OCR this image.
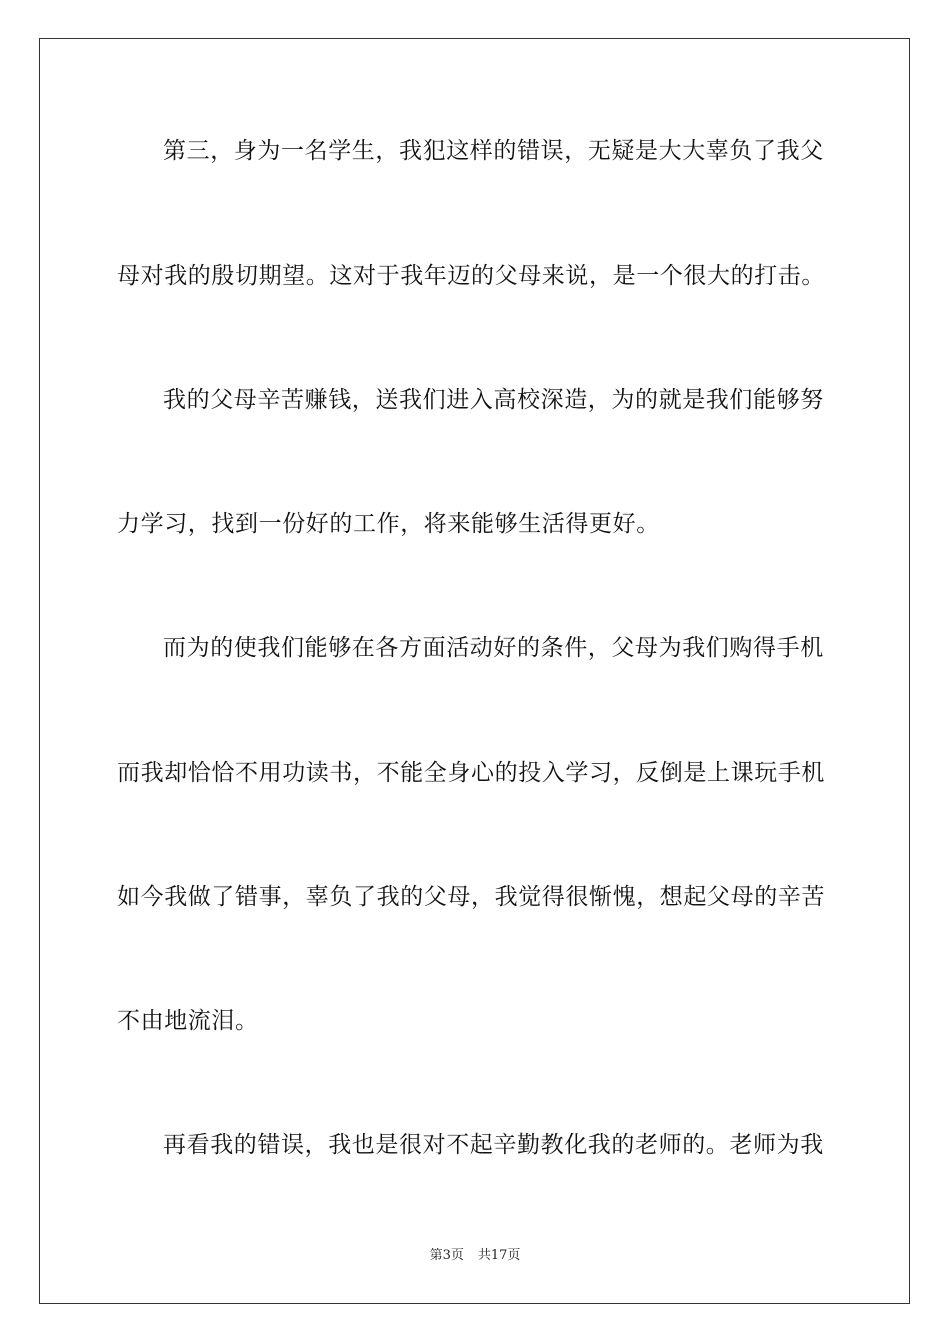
第三，身为一名学生，我犯这样的错误，无疑是大大辜负了我父
母对我的殷切期望。这对于我年迈的父母来说，是一个很大的打击。
我的父母辛苦赚钱，送我们进入高校深造，为的就是我们能够努
力学习，找到一份好的工作，将来能够生活得更好。
而为的使我们能够在各方面活动好的条件，父母为我们购得手机
而我却恰恰不用功读书，不能全身心的投入学习，反倒是上课玩手机
如今我做了错事，辜负了我的父母，我觉得很惭愧，想起父母的辛苦
不由地流泪。
再看我的错误，我也是很对不起辛勤教化我的老师的。老师为我
第3页 共17页
